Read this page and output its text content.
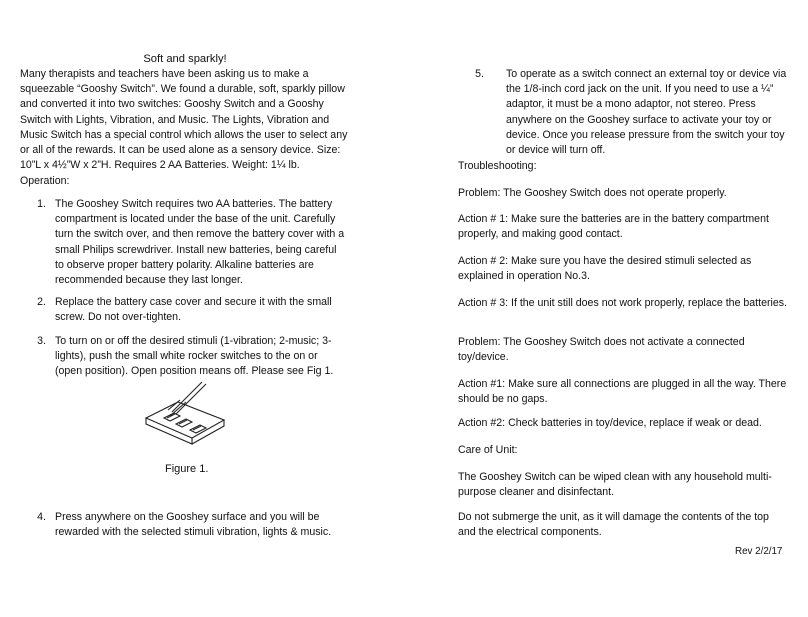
Soft and sparkly!

Many therapists and teachers have been asking us to make a squeezable “Gooshy Switch”. We found a durable, soft, sparkly pillow and converted it into two switches: Gooshy Switch and a Gooshy Switch with Lights, Vibration, and Music. The Lights, Vibration and Music Switch has a special control which allows the user to select any or all of the rewards. It can be used alone as a sensory device. Size: 10”L x 4½”W x 2”H. Requires 2 AA Batteries. Weight: 1¼ lb.

Operation:

1. The Gooshey Switch requires two AA batteries. The battery compartment is located under the base of the unit. Carefully turn the switch over, and then remove the battery cover with a small Philips screwdriver. Install new batteries, being careful to observe proper battery polarity. Alkaline batteries are recommended because they last longer.
2. Replace the battery case cover and secure it with the small screw. Do not over-tighten.
3. To turn on or off the desired stimuli (1-vibration; 2-music; 3-lights), push the small white rocker switches to the on or (open position). Open position means off. Please see Fig 1.
Figure 1.
4. Press anywhere on the Gooshey surface and you will be rewarded with the selected stimuli vibration, lights & music.
5. To operate as a switch connect an external toy or device via the 1/8-inch cord jack on the unit. If you need to use a ¼” adaptor, it must be a mono adaptor, not stereo. Press anywhere on the Gooshey surface to activate your toy or device. Once you release pressure from the switch your toy or device will turn off.

Troubleshooting:

Problem: The Gooshey Switch does not operate properly.

Action # 1: Make sure the batteries are in the battery compartment properly, and making good contact.

Action # 2: Make sure you have the desired stimuli selected as explained in operation No.3.

Action # 3: If the unit still does not work properly, replace the batteries.

Problem: The Gooshey Switch does not activate a connected toy/device.

Action #1: Make sure all connections are plugged in all the way. There should be no gaps.

Action #2: Check batteries in toy/device, replace if weak or dead.

Care of Unit:

The Gooshey Switch can be wiped clean with any household multi-purpose cleaner and disinfectant.

Do not submerge the unit, as it will damage the contents of the top and the electrical components.

Rev 2/2/17
